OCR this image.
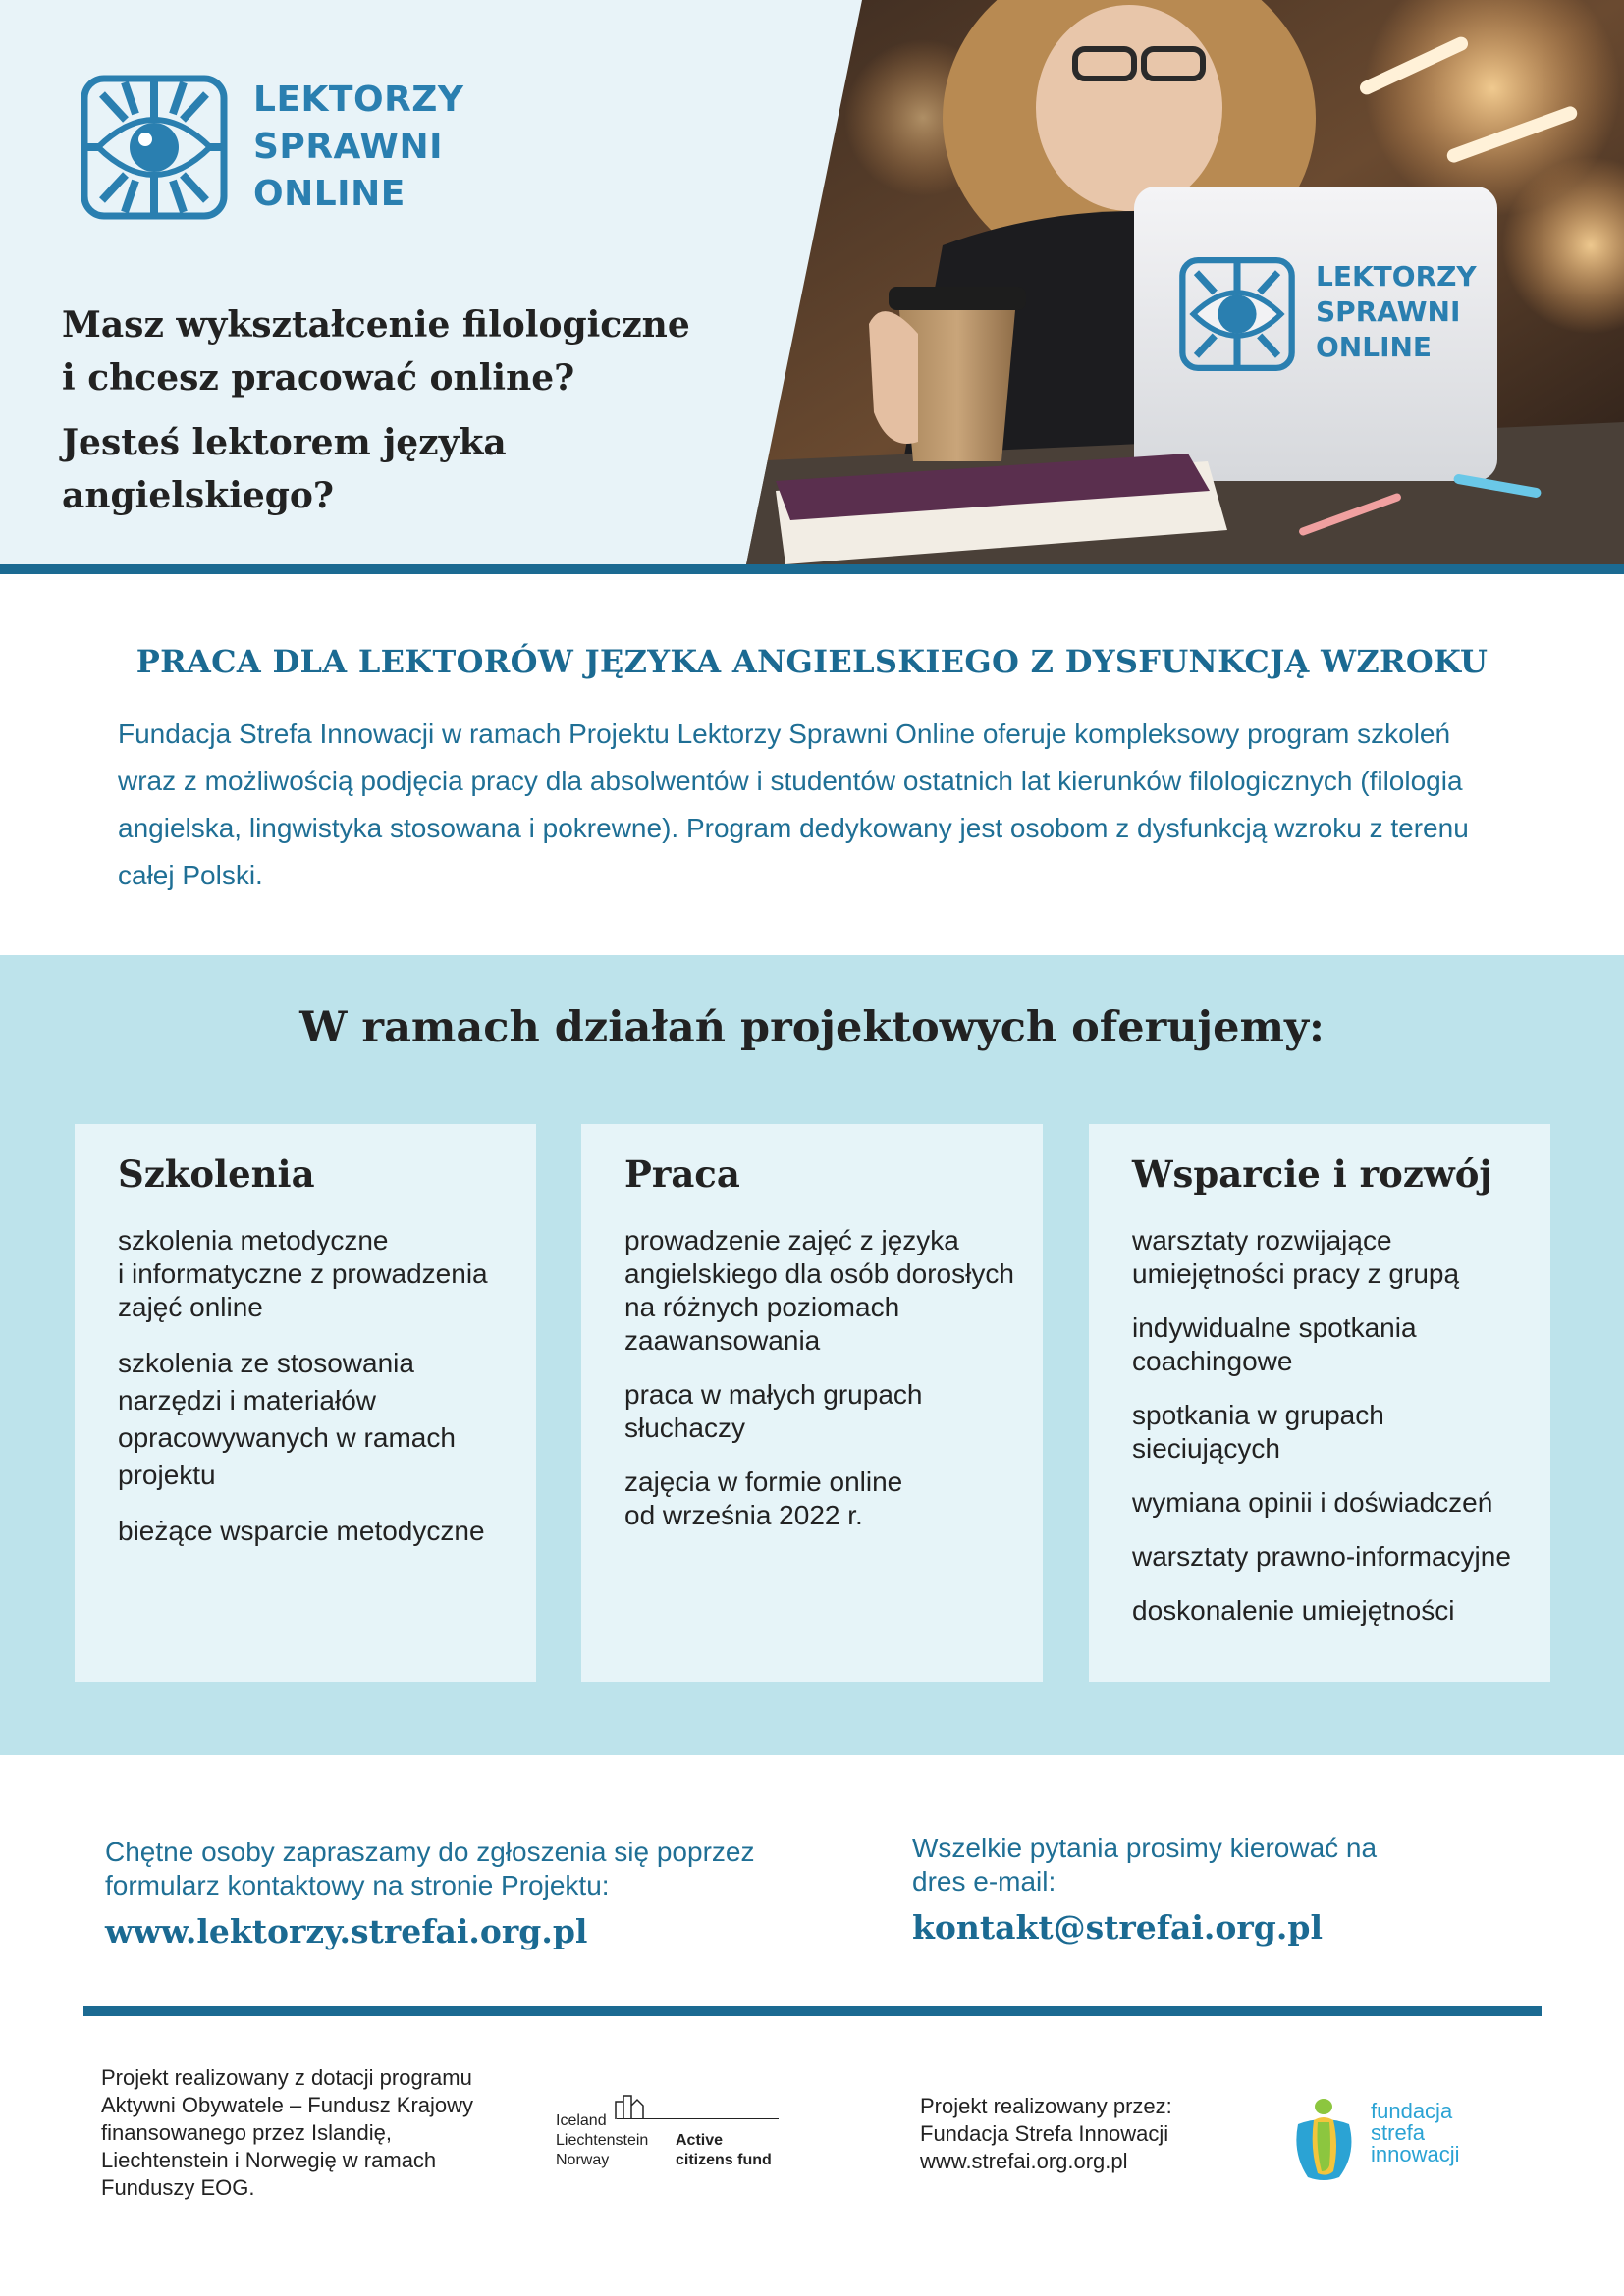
LEKTORZY
SPRAWNI
ONLINE
LEKTORZY
SPRAWNI
ONLINE
Masz wykształcenie filologiczne
i chcesz pracować online?
Jesteś lektorem języka angielskiego?
PRACA DLA LEKTORÓW JĘZYKA ANGIELSKIEGO Z DYSFUNKCJĄ WZROKU

Fundacja Strefa Innowacji w ramach Projektu Lektorzy Sprawni Online oferuje kompleksowy program szkoleń wraz z możliwością podjęcia pracy dla absolwentów i studentów ostatnich lat kierunków filologicznych (filologia angielska, lingwistyka stosowana i pokrewne). Program dedykowany jest osobom z dysfunkcją wzroku z terenu całej Polski.

W ramach działań projektowych oferujemy:
Szkolenia
szkolenia metodyczne
i informatyczne z prowadzenia zajęć online
szkolenia ze stosowania narzędzi i materiałów opracowywanych w ramach projektu
bieżące wsparcie metodyczne
Praca
prowadzenie zajęć z języka angielskiego dla osób dorosłych na różnych poziomach zaawansowania
praca w małych grupach słuchaczy
zajęcia w formie online
od września 2022 r.
Wsparcie i rozwój
warsztaty rozwijające umiejętności pracy z grupą
indywidualne spotkania coachingowe
spotkania w grupach sieciujących
wymiana opinii i doświadczeń
warsztaty prawno-informacyjne
doskonalenie umiejętności
Chętne osoby zapraszamy do zgłoszenia się poprzez formularz kontaktowy na stronie Projektu:
www.lektorzy.strefai.org.pl
Wszelkie pytania prosimy kierować na dres e-mail:
kontakt@strefai.org.pl

Projekt realizowany z dotacji programu Aktywni Obywatele – Fundusz Krajowy finansowanego przez Islandię, Liechtenstein i Norwegię w ramach Funduszy EOG.

Iceland
Liechtenstein
Norway
Active
citizens fund

Projekt realizowany przez:
Fundacja Strefa Innowacji
www.strefai.org.org.pl

fundacja
strefa
innowacji
